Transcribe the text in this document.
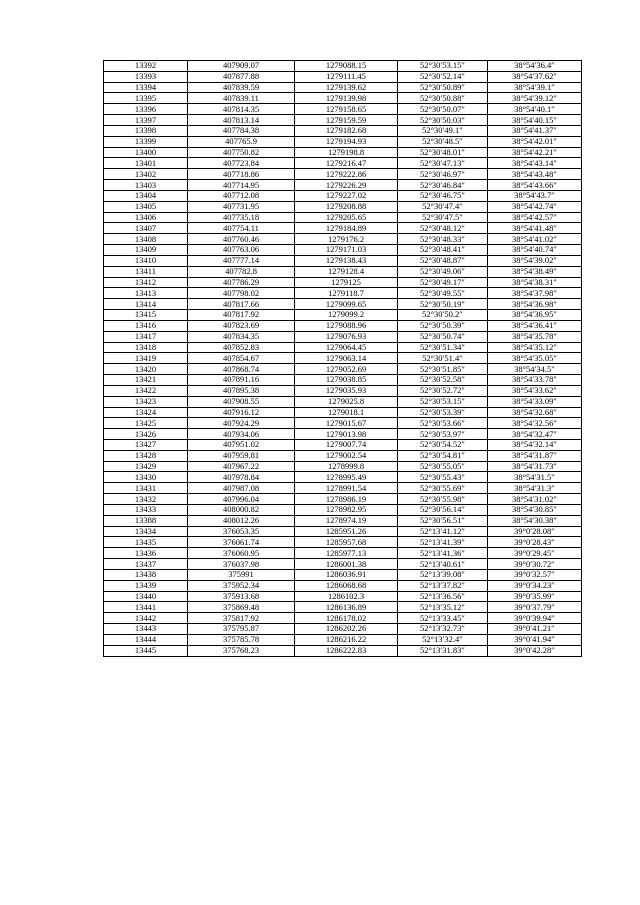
13392	407909.07	1279088.15	52°30′53.15″	38°54′36.4″
13393	407877.88	1279111.45	52°30′52.14″	38°54′37.62″
13394	407839.59	1279139.62	52°30′50.89″	38°54′39.1″
13395	407839.11	1279139.98	52°30′50.88″	38°54′39.12″
13396	407814.35	1279158.65	52°30′50.07″	38°54′40.1″
13397	407813.14	1279159.59	52°30′50.03″	38°54′40.15″
13398	407784.38	1279182.68	52°30′49.1″	38°54′41.37″
13399	407765.9	1279194.93	52°30′48.5″	38°54′42.01″
13400	407750.82	1279198.8	52°30′48.01″	38°54′42.21″
13401	407723.84	1279216.47	52°30′47.13″	38°54′43.14″
13402	407718.86	1279222.86	52°30′46.97″	38°54′43.48″
13403	407714.95	1279226.29	52°30′46.84″	38°54′43.66″
13404	407712.08	1279227.02	52°30′46.75″	38°54′43.7″
13405	407731.95	1279208.88	52°30′47.4″	38°54′42.74″
13406	407735.18	1279205.65	52°30′47.5″	38°54′42.57″
13407	407754.11	1279184.89	52°30′48.12″	38°54′41.48″
13408	407760.46	1279176.2	52°30′48.33″	38°54′41.02″
13409	407763.06	1279171.03	52°30′48.41″	38°54′40.74″
13410	407777.14	1279138.43	52°30′48.87″	38°54′39.02″
13411	407782.8	1279128.4	52°30′49.06″	38°54′38.49″
13412	407786.29	1279125	52°30′49.17″	38°54′38.31″
13413	407798.02	1279118.7	52°30′49.55″	38°54′37.98″
13414	407817.66	1279099.65	52°30′50.19″	38°54′36.98″
13415	407817.92	1279099.2	52°30′50.2″	38°54′36.95″
13416	407823.69	1279088.96	52°30′50.39″	38°54′36.41″
13417	407834.35	1279076.93	52°30′50.74″	38°54′35.78″
13418	407852.83	1279064.45	52°30′51.34″	38°54′35.12″
13419	407854.67	1279063.14	52°30′51.4″	38°54′35.05″
13420	407868.74	1279052.69	52°30′51.85″	38°54′34.5″
13421	407891.16	1279038.85	52°30′52.58″	38°54′33.78″
13422	407895.38	1279035.93	52°30′52.72″	38°54′33.62″
13423	407908.55	1279025.8	52°30′53.15″	38°54′33.09″
13424	407916.12	1279018.1	52°30′53.39″	38°54′32.68″
13425	407924.29	1279015.67	52°30′53.66″	38°54′32.56″
13426	407934.06	1279013.98	52°30′53.97″	38°54′32.47″
13427	407951.02	1279007.74	52°30′54.52″	38°54′32.14″
13428	407959.81	1279002.54	52°30′54.81″	38°54′31.87″
13429	407967.22	1278999.8	52°30′55.05″	38°54′31.73″
13430	407978.84	1278995.49	52°30′55.43″	38°54′31.5″
13431	407987.08	1278991.54	52°30′55.69″	38°54′31.3″
13432	407996.04	1278986.19	52°30′55.98″	38°54′31.02″
13433	408000.82	1278982.95	52°30′56.14″	38°54′30.85″
13388	408012.26	1278974.19	52°30′56.51″	38°54′30.38″
13434	376053.35	1285951.26	52°13′41.12″	39°0′28.08″
13435	376061.74	1285957.68	52°13′41.39″	39°0′28.43″
13436	376060.95	1285977.13	52°13′41.36″	39°0′29.45″
13437	376037.98	1286001.38	52°13′40.61″	39°0′30.72″
13438	375991	1286036.91	52°13′39.08″	39°0′32.57″
13439	375952.34	1286068.68	52°13′37.82″	39°0′34.23″
13440	375913.68	1286102.3	52°13′36.56″	39°0′35.99″
13441	375869.48	1286136.89	52°13′35.12″	39°0′37.79″
13442	375817.92	1286178.02	52°13′33.45″	39°0′39.94″
13443	375795.87	1286202.26	52°13′32.73″	39°0′41.21″
13444	375785.78	1286216.22	52°13′32.4″	39°0′41.94″
13445	375768.23	1286222.83	52°13′31.83″	39°0′42.28″
